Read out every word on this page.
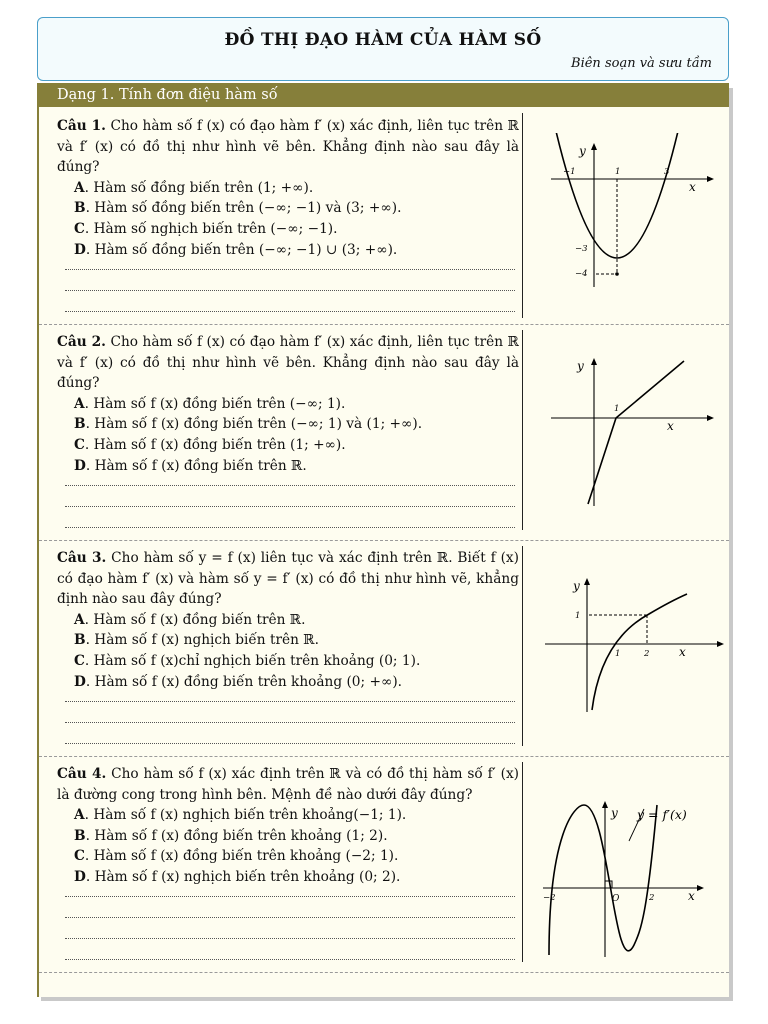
ĐỒ THỊ ĐẠO HÀM CỦA HÀM SỐ
Biên soạn và sưu tầm
Dạng 1. Tính đơn điệu hàm số

Câu 1. Cho hàm số f (x) có đạo hàm f′ (x) xác định, liên tục trên ℝ và f′ (x) có đồ thị như hình vẽ bên. Khẳng định nào sau đây là đúng?

A. Hàm số đồng biến trên (1; +∞).

B. Hàm số đồng biến trên (−∞; −1) và (3; +∞).

C. Hàm số nghịch biến trên (−∞; −1).

D. Hàm số đồng biến trên (−∞; −1) ∪ (3; +∞).

x
y
−1	1	3
−3
−4

Câu 2. Cho hàm số f (x) có đạo hàm f′ (x) xác định, liên tục trên ℝ và f′ (x) có đồ thị như hình vẽ bên. Khẳng định nào sau đây là đúng?

A. Hàm số f (x) đồng biến trên (−∞; 1).

B. Hàm số f (x) đồng biến trên (−∞; 1) và (1; +∞).

C. Hàm số f (x) đồng biến trên (1; +∞).

D. Hàm số f (x) đồng biến trên ℝ.

x
y
1

Câu 3. Cho hàm số y = f (x) liên tục và xác định trên ℝ. Biết f (x) có đạo hàm f′ (x) và hàm số y = f′ (x) có đồ thị như hình vẽ, khẳng định nào sau đây đúng?

A. Hàm số f (x) đồng biến trên ℝ.

B. Hàm số f (x) nghịch biến trên ℝ.

C. Hàm số f (x)chỉ nghịch biến trên khoảng (0; 1).

D. Hàm số f (x) đồng biến trên khoảng (0; +∞).

x
y
1
1	2

Câu 4. Cho hàm số f (x) xác định trên ℝ và có đồ thị hàm số f′ (x) là đường cong trong hình bên. Mệnh đề nào dưới đây đúng?

A. Hàm số f (x) nghịch biến trên khoảng(−1; 1).

B. Hàm số f (x) đồng biến trên khoảng (1; 2).

C. Hàm số f (x) đồng biến trên khoảng (−2; 1).

D. Hàm số f (x) nghịch biến trên khoảng (0; 2).

x
y y = f′(x)
−2	O	2
